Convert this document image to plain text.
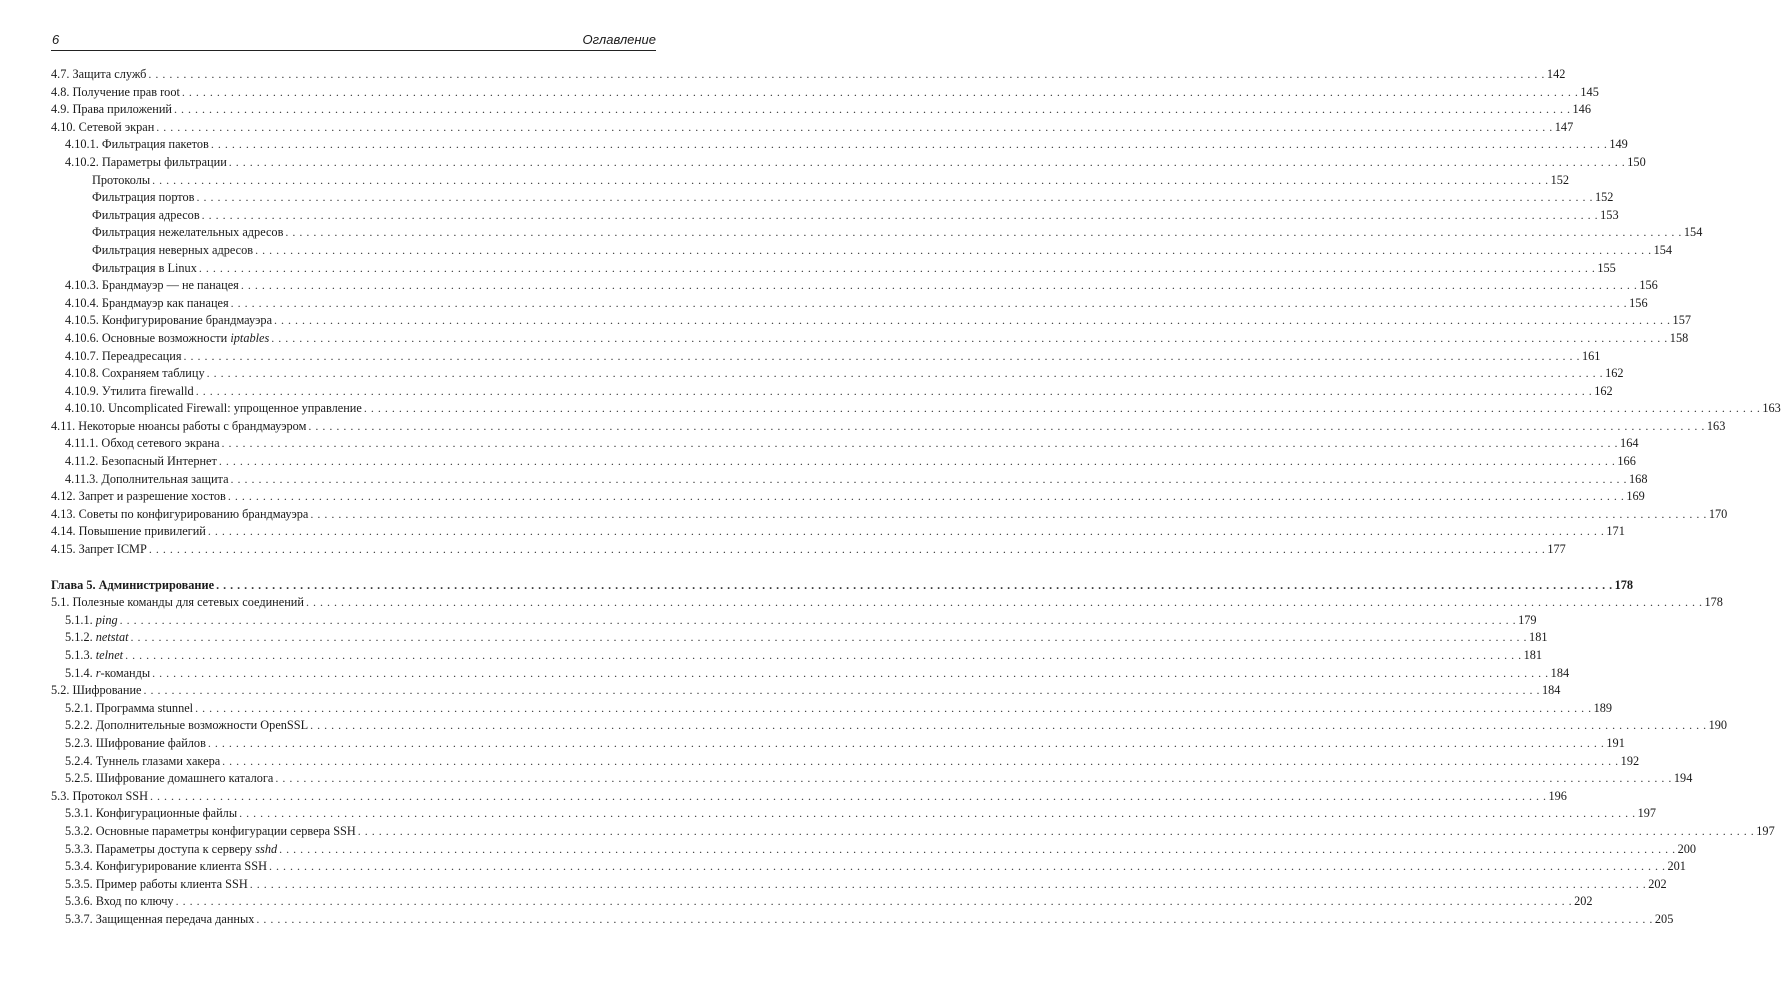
6	Оглавление
4.7. Защита служб . . . . . . . . . . . . . . . . . . . . . . . . . . . . . . . . . . . . . . . . . . . . . . . . . . . . . . . . . . . . . . . . . . . . . . . . . . . . . . . . . . . . . . . . . . . . . . . . . . . . . . . . . . . . . . . . . . . . . . . . . . . . . . . . . . . . . . . . . . . . . . . . . . . . . . . . . . . . . . . . . . . . . . . . . . . . . . . . . . . . . . . . . . . . . . . . . . . . . . . . 142
4.8. Получение прав root . . . . . . . . . . . . . . . . . . . . . . . . . . . . . . . . . . . . . . . . . . . . . . . . . . . . . . . . . . . . . . . . . . . . . . . . . . . . . . . . . . . . . . . . . . . . . . . . . . . . . . . . . . . . . . . . . . . . . . . . . . . . . . . . . . . . . . . . . . . . . . . . . . . . . . . . . . . . . . . . . . . . . . . . . . . . . . . . . . . . . . . . . . . . . . . . . . . . . . . . 145
4.9. Права приложений . . . . . . . . . . . . . . . . . . . . . . . . . . . . . . . . . . . . . . . . . . . . . . . . . . . . . . . . . . . . . . . . . . . . . . . . . . . . . . . . . . . . . . . . . . . . . . . . . . . . . . . . . . . . . . . . . . . . . . . . . . . . . . . . . . . . . . . . . . . . . . . . . . . . . . . . . . . . . . . . . . . . . . . . . . . . . . . . . . . . . . . . . . . . . . . . . . . . . . . . 146
4.10. Сетевой экран . . . . . . . . . . . . . . . . . . . . . . . . . . . . . . . . . . . . . . . . . . . . . . . . . . . . . . . . . . . . . . . . . . . . . . . . . . . . . . . . . . . . . . . . . . . . . . . . . . . . . . . . . . . . . . . . . . . . . . . . . . . . . . . . . . . . . . . . . . . . . . . . . . . . . . . . . . . . . . . . . . . . . . . . . . . . . . . . . . . . . . . . . . . . . . . . . . . . . . . . 147
4.10.1. Фильтрация пакетов . . . . . . . . . . . . . . . . . . . . . . . . . . . . . . . . . . . . . . . . . . . . . . . . . . . . . . . . . . . . . . . . . . . . . . . . . . . . . . . . . . . . . . . . . . . . . . . . . . . . . . . . . . . . . . . . . . . . . . . . . . . . . . . . . . . . . . . . . . . . . . . . . . . . . . . . . . . . . . . . . . . . . . . . . . . . . . . . . . . . . . . . . . . . . . . . . . . . . . . . 149
4.10.2. Параметры фильтрации . . . . . . . . . . . . . . . . . . . . . . . . . . . . . . . . . . . . . . . . . . . . . . . . . . . . . . . . . . . . . . . . . . . . . . . . . . . . . . . . . . . . . . . . . . . . . . . . . . . . . . . . . . . . . . . . . . . . . . . . . . . . . . . . . . . . . . . . . . . . . . . . . . . . . . . . . . . . . . . . . . . . . . . . . . . . . . . . . . . . . . . . . . . . . . . . . . . . . . . . 150
Протоколы . . . . . . . . . . . . . . . . . . . . . . . . . . . . . . . . . . . . . . . . . . . . . . . . . . . . . . . . . . . . . . . . . . . . . . . . . . . . . . . . . . . . . . . . . . . . . . . . . . . . . . . . . . . . . . . . . . . . . . . . . . . . . . . . . . . . . . . . . . . . . . . . . . . . . . . . . . . . . . . . . . . . . . . . . . . . . . . . . . . . . . . . . . . . . . . . . . . . . . . . 152
Фильтрация портов . . . . . . . . . . . . . . . . . . . . . . . . . . . . . . . . . . . . . . . . . . . . . . . . . . . . . . . . . . . . . . . . . . . . . . . . . . . . . . . . . . . . . . . . . . . . . . . . . . . . . . . . . . . . . . . . . . . . . . . . . . . . . . . . . . . . . . . . . . . . . . . . . . . . . . . . . . . . . . . . . . . . . . . . . . . . . . . . . . . . . . . . . . . . . . . . . . . . . . . . 152
Фильтрация адресов . . . . . . . . . . . . . . . . . . . . . . . . . . . . . . . . . . . . . . . . . . . . . . . . . . . . . . . . . . . . . . . . . . . . . . . . . . . . . . . . . . . . . . . . . . . . . . . . . . . . . . . . . . . . . . . . . . . . . . . . . . . . . . . . . . . . . . . . . . . . . . . . . . . . . . . . . . . . . . . . . . . . . . . . . . . . . . . . . . . . . . . . . . . . . . . . . . . . . . . . 153
Фильтрация нежелательных адресов . . . . . . . . . . . . . . . . . . . . . . . . . . . . . . . . . . . . . . . . . . . . . . . . . . . . . . . . . . . . . . . . . . . . . . . . . . . . . . . . . . . . . . . . . . . . . . . . . . . . . . . . . . . . . . . . . . . . . . . . . . . . . . . . . . . . . . . . . . . . . . . . . . . . . . . . . . . . . . . . . . . . . . . . . . . . . . . . . . . . . . . . . . . . . . . . . . . . . . . . 154
Фильтрация неверных адресов . . . . . . . . . . . . . . . . . . . . . . . . . . . . . . . . . . . . . . . . . . . . . . . . . . . . . . . . . . . . . . . . . . . . . . . . . . . . . . . . . . . . . . . . . . . . . . . . . . . . . . . . . . . . . . . . . . . . . . . . . . . . . . . . . . . . . . . . . . . . . . . . . . . . . . . . . . . . . . . . . . . . . . . . . . . . . . . . . . . . . . . . . . . . . . . . . . . . . . . . 154
Фильтрация в Linux . . . . . . . . . . . . . . . . . . . . . . . . . . . . . . . . . . . . . . . . . . . . . . . . . . . . . . . . . . . . . . . . . . . . . . . . . . . . . . . . . . . . . . . . . . . . . . . . . . . . . . . . . . . . . . . . . . . . . . . . . . . . . . . . . . . . . . . . . . . . . . . . . . . . . . . . . . . . . . . . . . . . . . . . . . . . . . . . . . . . . . . . . . . . . . . . . . . . . . . . 155
4.10.3. Брандмауэр — не панацея . . . . . . . . . . . . . . . . . . . . . . . . . . . . . . . . . . . . . . . . . . . . . . . . . . . . . . . . . . . . . . . . . . . . . . . . . . . . . . . . . . . . . . . . . . . . . . . . . . . . . . . . . . . . . . . . . . . . . . . . . . . . . . . . . . . . . . . . . . . . . . . . . . . . . . . . . . . . . . . . . . . . . . . . . . . . . . . . . . . . . . . . . . . . . . . . . . . . . . . . 156
4.10.4. Брандмауэр как панацея . . . . . . . . . . . . . . . . . . . . . . . . . . . . . . . . . . . . . . . . . . . . . . . . . . . . . . . . . . . . . . . . . . . . . . . . . . . . . . . . . . . . . . . . . . . . . . . . . . . . . . . . . . . . . . . . . . . . . . . . . . . . . . . . . . . . . . . . . . . . . . . . . . . . . . . . . . . . . . . . . . . . . . . . . . . . . . . . . . . . . . . . . . . . . . . . . . . . . . . . 156
4.10.5. Конфигурирование брандмауэра . . . . . . . . . . . . . . . . . . . . . . . . . . . . . . . . . . . . . . . . . . . . . . . . . . . . . . . . . . . . . . . . . . . . . . . . . . . . . . . . . . . . . . . . . . . . . . . . . . . . . . . . . . . . . . . . . . . . . . . . . . . . . . . . . . . . . . . . . . . . . . . . . . . . . . . . . . . . . . . . . . . . . . . . . . . . . . . . . . . . . . . . . . . . . . . . . . . . . . . . 157
4.10.6. Основные возможности iptables . . . . . . . . . . . . . . . . . . . . . . . . . . . . . . . . . . . . . . . . . . . . . . . . . . . . . . . . . . . . . . . . . . . . . . . . . . . . . . . . . . . . . . . . . . . . . . . . . . . . . . . . . . . . . . . . . . . . . . . . . . . . . . . . . . . . . . . . . . . . . . . . . . . . . . . . . . . . . . . . . . . . . . . . . . . . . . . . . . . . . . . . . . . . . . . . . . . . . . . . 158
4.10.7. Переадресация . . . . . . . . . . . . . . . . . . . . . . . . . . . . . . . . . . . . . . . . . . . . . . . . . . . . . . . . . . . . . . . . . . . . . . . . . . . . . . . . . . . . . . . . . . . . . . . . . . . . . . . . . . . . . . . . . . . . . . . . . . . . . . . . . . . . . . . . . . . . . . . . . . . . . . . . . . . . . . . . . . . . . . . . . . . . . . . . . . . . . . . . . . . . . . . . . . . . . . . . 161
4.10.8. Сохраняем таблицу . . . . . . . . . . . . . . . . . . . . . . . . . . . . . . . . . . . . . . . . . . . . . . . . . . . . . . . . . . . . . . . . . . . . . . . . . . . . . . . . . . . . . . . . . . . . . . . . . . . . . . . . . . . . . . . . . . . . . . . . . . . . . . . . . . . . . . . . . . . . . . . . . . . . . . . . . . . . . . . . . . . . . . . . . . . . . . . . . . . . . . . . . . . . . . . . . . . . . . . . 162
4.10.9. Утилита firewalld . . . . . . . . . . . . . . . . . . . . . . . . . . . . . . . . . . . . . . . . . . . . . . . . . . . . . . . . . . . . . . . . . . . . . . . . . . . . . . . . . . . . . . . . . . . . . . . . . . . . . . . . . . . . . . . . . . . . . . . . . . . . . . . . . . . . . . . . . . . . . . . . . . . . . . . . . . . . . . . . . . . . . . . . . . . . . . . . . . . . . . . . . . . . . . . . . . . . . . . . 162
4.10.10. Uncomplicated Firewall: упрощенное управление . . . . . . . . . . . . . . . . . . . . . . . . . . . . . . . . . . . . . . . . . . . . . . . . . . . . . . . . . . . . . . . . . . . . . . . . . . . . . . . . . . . . . . . . . . . . . . . . . . . . . . . . . . . . . . . . . . . . . . . . . . . . . . . . . . . . . . . . . . . . . . . . . . . . . . . . . . . . . . . . . . . . . . . . . . . . . . . . . . . . . . . . . . . . . . . . . . . . . . . . 163
4.11. Некоторые нюансы работы с брандмауэром . . . . . . . . . . . . . . . . . . . . . . . . . . . . . . . . . . . . . . . . . . . . . . . . . . . . . . . . . . . . . . . . . . . . . . . . . . . . . . . . . . . . . . . . . . . . . . . . . . . . . . . . . . . . . . . . . . . . . . . . . . . . . . . . . . . . . . . . . . . . . . . . . . . . . . . . . . . . . . . . . . . . . . . . . . . . . . . . . . . . . . . . . . . . . . . . . . . . . . . . 163
4.11.1. Обход сетевого экрана . . . . . . . . . . . . . . . . . . . . . . . . . . . . . . . . . . . . . . . . . . . . . . . . . . . . . . . . . . . . . . . . . . . . . . . . . . . . . . . . . . . . . . . . . . . . . . . . . . . . . . . . . . . . . . . . . . . . . . . . . . . . . . . . . . . . . . . . . . . . . . . . . . . . . . . . . . . . . . . . . . . . . . . . . . . . . . . . . . . . . . . . . . . . . . . . . . . . . . . . 164
4.11.2. Безопасный Интернет . . . . . . . . . . . . . . . . . . . . . . . . . . . . . . . . . . . . . . . . . . . . . . . . . . . . . . . . . . . . . . . . . . . . . . . . . . . . . . . . . . . . . . . . . . . . . . . . . . . . . . . . . . . . . . . . . . . . . . . . . . . . . . . . . . . . . . . . . . . . . . . . . . . . . . . . . . . . . . . . . . . . . . . . . . . . . . . . . . . . . . . . . . . . . . . . . . . . . . . . 166
4.11.3. Дополнительная защита . . . . . . . . . . . . . . . . . . . . . . . . . . . . . . . . . . . . . . . . . . . . . . . . . . . . . . . . . . . . . . . . . . . . . . . . . . . . . . . . . . . . . . . . . . . . . . . . . . . . . . . . . . . . . . . . . . . . . . . . . . . . . . . . . . . . . . . . . . . . . . . . . . . . . . . . . . . . . . . . . . . . . . . . . . . . . . . . . . . . . . . . . . . . . . . . . . . . . . . . 168
4.12. Запрет и разрешение хостов . . . . . . . . . . . . . . . . . . . . . . . . . . . . . . . . . . . . . . . . . . . . . . . . . . . . . . . . . . . . . . . . . . . . . . . . . . . . . . . . . . . . . . . . . . . . . . . . . . . . . . . . . . . . . . . . . . . . . . . . . . . . . . . . . . . . . . . . . . . . . . . . . . . . . . . . . . . . . . . . . . . . . . . . . . . . . . . . . . . . . . . . . . . . . . . . . . . . . . . . 169
4.13. Советы по конфигурированию брандмауэра . . . . . . . . . . . . . . . . . . . . . . . . . . . . . . . . . . . . . . . . . . . . . . . . . . . . . . . . . . . . . . . . . . . . . . . . . . . . . . . . . . . . . . . . . . . . . . . . . . . . . . . . . . . . . . . . . . . . . . . . . . . . . . . . . . . . . . . . . . . . . . . . . . . . . . . . . . . . . . . . . . . . . . . . . . . . . . . . . . . . . . . . . . . . . . . . . . . . . . . . 170
4.14. Повышение привилегий . . . . . . . . . . . . . . . . . . . . . . . . . . . . . . . . . . . . . . . . . . . . . . . . . . . . . . . . . . . . . . . . . . . . . . . . . . . . . . . . . . . . . . . . . . . . . . . . . . . . . . . . . . . . . . . . . . . . . . . . . . . . . . . . . . . . . . . . . . . . . . . . . . . . . . . . . . . . . . . . . . . . . . . . . . . . . . . . . . . . . . . . . . . . . . . . . . . . . . . . 171
4.15. Запрет ICMP . . . . . . . . . . . . . . . . . . . . . . . . . . . . . . . . . . . . . . . . . . . . . . . . . . . . . . . . . . . . . . . . . . . . . . . . . . . . . . . . . . . . . . . . . . . . . . . . . . . . . . . . . . . . . . . . . . . . . . . . . . . . . . . . . . . . . . . . . . . . . . . . . . . . . . . . . . . . . . . . . . . . . . . . . . . . . . . . . . . . . . . . . . . . . . . . . . . . . . . . 177
Глава 5. Администрирование . . . . . . . . . . . . . . . . . . . . . . . . . . . . . . . . . . . . . . . . . . . . . . . . . . . . . . . . . . . . . . . . . . . . . . . . . . . . . . . . . . . . . . . . . . . . . . . . . . . . . . . . . . . . . . . . . . . . . . . . . . . . . . . . . . . . . . . . . . . . . . . . . . . . . . . . . . . . . . . . . . . . . . . . . . . . . . . . . . . . . . . . . . . . . . . . . . . . . . . . 178
5.1. Полезные команды для сетевых соединений . . . . . . . . . . . . . . . . . . . . . . . . . . . . . . . . . . . . . . . . . . . . . . . . . . . . . . . . . . . . . . . . . . . . . . . . . . . . . . . . . . . . . . . . . . . . . . . . . . . . . . . . . . . . . . . . . . . . . . . . . . . . . . . . . . . . . . . . . . . . . . . . . . . . . . . . . . . . . . . . . . . . . . . . . . . . . . . . . . . . . . . . . . . . . . . . . . . . . . . . 178
5.1.1. ping . . . . . . . . . . . . . . . . . . . . . . . . . . . . . . . . . . . . . . . . . . . . . . . . . . . . . . . . . . . . . . . . . . . . . . . . . . . . . . . . . . . . . . . . . . . . . . . . . . . . . . . . . . . . . . . . . . . . . . . . . . . . . . . . . . . . . . . . . . . . . . . . . . . . . . . . . . . . . . . . . . . . . . . . . . . . . . . . . . . . . . . . . . . . . . . . . . . . . . . . 179
5.1.2. netstat . . . . . . . . . . . . . . . . . . . . . . . . . . . . . . . . . . . . . . . . . . . . . . . . . . . . . . . . . . . . . . . . . . . . . . . . . . . . . . . . . . . . . . . . . . . . . . . . . . . . . . . . . . . . . . . . . . . . . . . . . . . . . . . . . . . . . . . . . . . . . . . . . . . . . . . . . . . . . . . . . . . . . . . . . . . . . . . . . . . . . . . . . . . . . . . . . . . . . . . . 181
5.1.3. telnet . . . . . . . . . . . . . . . . . . . . . . . . . . . . . . . . . . . . . . . . . . . . . . . . . . . . . . . . . . . . . . . . . . . . . . . . . . . . . . . . . . . . . . . . . . . . . . . . . . . . . . . . . . . . . . . . . . . . . . . . . . . . . . . . . . . . . . . . . . . . . . . . . . . . . . . . . . . . . . . . . . . . . . . . . . . . . . . . . . . . . . . . . . . . . . . . . . . . . . . . 181
5.1.4. r-команды . . . . . . . . . . . . . . . . . . . . . . . . . . . . . . . . . . . . . . . . . . . . . . . . . . . . . . . . . . . . . . . . . . . . . . . . . . . . . . . . . . . . . . . . . . . . . . . . . . . . . . . . . . . . . . . . . . . . . . . . . . . . . . . . . . . . . . . . . . . . . . . . . . . . . . . . . . . . . . . . . . . . . . . . . . . . . . . . . . . . . . . . . . . . . . . . . . . . . . . . 184
5.2. Шифрование . . . . . . . . . . . . . . . . . . . . . . . . . . . . . . . . . . . . . . . . . . . . . . . . . . . . . . . . . . . . . . . . . . . . . . . . . . . . . . . . . . . . . . . . . . . . . . . . . . . . . . . . . . . . . . . . . . . . . . . . . . . . . . . . . . . . . . . . . . . . . . . . . . . . . . . . . . . . . . . . . . . . . . . . . . . . . . . . . . . . . . . . . . . . . . . . . . . . . . . . 184
5.2.1. Программа stunnel . . . . . . . . . . . . . . . . . . . . . . . . . . . . . . . . . . . . . . . . . . . . . . . . . . . . . . . . . . . . . . . . . . . . . . . . . . . . . . . . . . . . . . . . . . . . . . . . . . . . . . . . . . . . . . . . . . . . . . . . . . . . . . . . . . . . . . . . . . . . . . . . . . . . . . . . . . . . . . . . . . . . . . . . . . . . . . . . . . . . . . . . . . . . . . . . . . . . . . . . 189
5.2.2. Дополнительные возможности OpenSSL . . . . . . . . . . . . . . . . . . . . . . . . . . . . . . . . . . . . . . . . . . . . . . . . . . . . . . . . . . . . . . . . . . . . . . . . . . . . . . . . . . . . . . . . . . . . . . . . . . . . . . . . . . . . . . . . . . . . . . . . . . . . . . . . . . . . . . . . . . . . . . . . . . . . . . . . . . . . . . . . . . . . . . . . . . . . . . . . . . . . . . . . . . . . . . . . . . . . . . . . 190
5.2.3. Шифрование файлов . . . . . . . . . . . . . . . . . . . . . . . . . . . . . . . . . . . . . . . . . . . . . . . . . . . . . . . . . . . . . . . . . . . . . . . . . . . . . . . . . . . . . . . . . . . . . . . . . . . . . . . . . . . . . . . . . . . . . . . . . . . . . . . . . . . . . . . . . . . . . . . . . . . . . . . . . . . . . . . . . . . . . . . . . . . . . . . . . . . . . . . . . . . . . . . . . . . . . . . . 191
5.2.4. Туннель глазами хакера . . . . . . . . . . . . . . . . . . . . . . . . . . . . . . . . . . . . . . . . . . . . . . . . . . . . . . . . . . . . . . . . . . . . . . . . . . . . . . . . . . . . . . . . . . . . . . . . . . . . . . . . . . . . . . . . . . . . . . . . . . . . . . . . . . . . . . . . . . . . . . . . . . . . . . . . . . . . . . . . . . . . . . . . . . . . . . . . . . . . . . . . . . . . . . . . . . . . . . . . 192
5.2.5. Шифрование домашнего каталога . . . . . . . . . . . . . . . . . . . . . . . . . . . . . . . . . . . . . . . . . . . . . . . . . . . . . . . . . . . . . . . . . . . . . . . . . . . . . . . . . . . . . . . . . . . . . . . . . . . . . . . . . . . . . . . . . . . . . . . . . . . . . . . . . . . . . . . . . . . . . . . . . . . . . . . . . . . . . . . . . . . . . . . . . . . . . . . . . . . . . . . . . . . . . . . . . . . . . . . . 194
5.3. Протокол SSH . . . . . . . . . . . . . . . . . . . . . . . . . . . . . . . . . . . . . . . . . . . . . . . . . . . . . . . . . . . . . . . . . . . . . . . . . . . . . . . . . . . . . . . . . . . . . . . . . . . . . . . . . . . . . . . . . . . . . . . . . . . . . . . . . . . . . . . . . . . . . . . . . . . . . . . . . . . . . . . . . . . . . . . . . . . . . . . . . . . . . . . . . . . . . . . . . . . . . . . . 196
5.3.1. Конфигурационные файлы . . . . . . . . . . . . . . . . . . . . . . . . . . . . . . . . . . . . . . . . . . . . . . . . . . . . . . . . . . . . . . . . . . . . . . . . . . . . . . . . . . . . . . . . . . . . . . . . . . . . . . . . . . . . . . . . . . . . . . . . . . . . . . . . . . . . . . . . . . . . . . . . . . . . . . . . . . . . . . . . . . . . . . . . . . . . . . . . . . . . . . . . . . . . . . . . . . . . . . . . 197
5.3.2. Основные параметры конфигурации сервера SSH . . . . . . . . . . . . . . . . . . . . . . . . . . . . . . . . . . . . . . . . . . . . . . . . . . . . . . . . . . . . . . . . . . . . . . . . . . . . . . . . . . . . . . . . . . . . . . . . . . . . . . . . . . . . . . . . . . . . . . . . . . . . . . . . . . . . . . . . . . . . . . . . . . . . . . . . . . . . . . . . . . . . . . . . . . . . . . . . . . . . . . . . . . . . . . . . . . . . . . . . 197
5.3.3. Параметры доступа к серверу sshd . . . . . . . . . . . . . . . . . . . . . . . . . . . . . . . . . . . . . . . . . . . . . . . . . . . . . . . . . . . . . . . . . . . . . . . . . . . . . . . . . . . . . . . . . . . . . . . . . . . . . . . . . . . . . . . . . . . . . . . . . . . . . . . . . . . . . . . . . . . . . . . . . . . . . . . . . . . . . . . . . . . . . . . . . . . . . . . . . . . . . . . . . . . . . . . . . . . . . . . . 200
5.3.4. Конфигурирование клиента SSH . . . . . . . . . . . . . . . . . . . . . . . . . . . . . . . . . . . . . . . . . . . . . . . . . . . . . . . . . . . . . . . . . . . . . . . . . . . . . . . . . . . . . . . . . . . . . . . . . . . . . . . . . . . . . . . . . . . . . . . . . . . . . . . . . . . . . . . . . . . . . . . . . . . . . . . . . . . . . . . . . . . . . . . . . . . . . . . . . . . . . . . . . . . . . . . . . . . . . . . . 201
5.3.5. Пример работы клиента SSH . . . . . . . . . . . . . . . . . . . . . . . . . . . . . . . . . . . . . . . . . . . . . . . . . . . . . . . . . . . . . . . . . . . . . . . . . . . . . . . . . . . . . . . . . . . . . . . . . . . . . . . . . . . . . . . . . . . . . . . . . . . . . . . . . . . . . . . . . . . . . . . . . . . . . . . . . . . . . . . . . . . . . . . . . . . . . . . . . . . . . . . . . . . . . . . . . . . . . . . . 202
5.3.6. Вход по ключу . . . . . . . . . . . . . . . . . . . . . . . . . . . . . . . . . . . . . . . . . . . . . . . . . . . . . . . . . . . . . . . . . . . . . . . . . . . . . . . . . . . . . . . . . . . . . . . . . . . . . . . . . . . . . . . . . . . . . . . . . . . . . . . . . . . . . . . . . . . . . . . . . . . . . . . . . . . . . . . . . . . . . . . . . . . . . . . . . . . . . . . . . . . . . . . . . . . . . . . . 202
5.3.7. Защищенная передача данных . . . . . . . . . . . . . . . . . . . . . . . . . . . . . . . . . . . . . . . . . . . . . . . . . . . . . . . . . . . . . . . . . . . . . . . . . . . . . . . . . . . . . . . . . . . . . . . . . . . . . . . . . . . . . . . . . . . . . . . . . . . . . . . . . . . . . . . . . . . . . . . . . . . . . . . . . . . . . . . . . . . . . . . . . . . . . . . . . . . . . . . . . . . . . . . . . . . . . . . . 205
